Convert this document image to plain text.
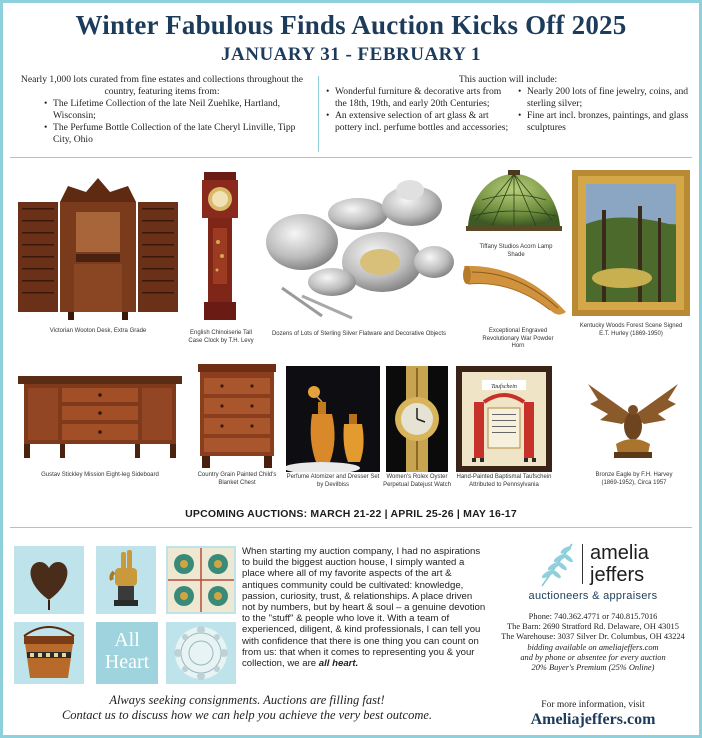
Winter Fabulous Finds Auction Kicks Off 2025
JANUARY 31 - FEBRUARY 1

Nearly 1,000 lots curated from fine estates and collections throughout the country, featuring items from:

• The Lifetime Collection of the late Neil Zuehlke, Hartland, Wisconsin;
• The Perfume Bottle Collection of the late Cheryl Linville, Tipp City, Ohio

This auction will include:

• Wonderful furniture & decorative arts from the 18th, 19th, and early 20th Centuries;
• An extensive selection of art glass & art pottery incl. perfume bottles and accessories;
• Nearly 200 lots of fine jewelry, coins, and sterling silver;
• Fine art incl. bronzes, paintings, and glass sculptures
Victorian Wooton Desk, Extra Grade	English Chinoiserie Tall Case Clock by T.H. Levy
Dozens of Lots of Sterling Silver Flatware and Decorative Objects
Tiffany Studios Acorn Lamp Shade
Exceptional Engraved Revolutionary War Powder Horn
Kentucky Woods Forest Scene Signed E.T. Hurley (1869-1950)
Gustav Stickley Mission Eight-leg Sideboard	Country Grain Painted Child's Blanket Chest
Perfume Atomizer and Dresser Set by Devilbiss
Women's Rolex Oyster Perpetual Datejust Watch
Taufschein
Hand-Painted Baptismal Taufschein Attributed to Pennsylvania
Bronze Eagle by F.H. Harvey (1869-1952), Circa 1957
UPCOMING AUCTIONS: MARCH 21-22 | APRIL 25-26 | MAY 16-17
All
Heart
When starting my auction company, I had no aspirations to build the biggest auction house, I simply wanted a place where all of my favorite aspects of the art & antiques community could be cultivated: knowledge, passion, curiosity, trust, & relationships. A place driven not by numbers, but by heart & soul – a genuine devotion to the "stuff" & people who love it. With a team of experienced, diligent, & kind professionals, I can tell you with confidence that there is one thing you can count on from us: that when it comes to representing you & your collection, we are all heart.
Always seeking consignments. Auctions are filling fast!
Contact us to discuss how we can help you achieve the very best outcome.
amelia
jeffers
auctioneers & appraisers
Phone: 740.362.4771 or 740.815.7016
The Barn: 2690 Stratford Rd. Delaware, OH 43015
The Warehouse: 3037 Silver Dr. Columbus, OH 43224
bidding available on ameliajeffers.com
and by phone or absentee for every auction
20% Buyer's Premium (25% Online)
For more information, visit
Ameliajeffers.com
